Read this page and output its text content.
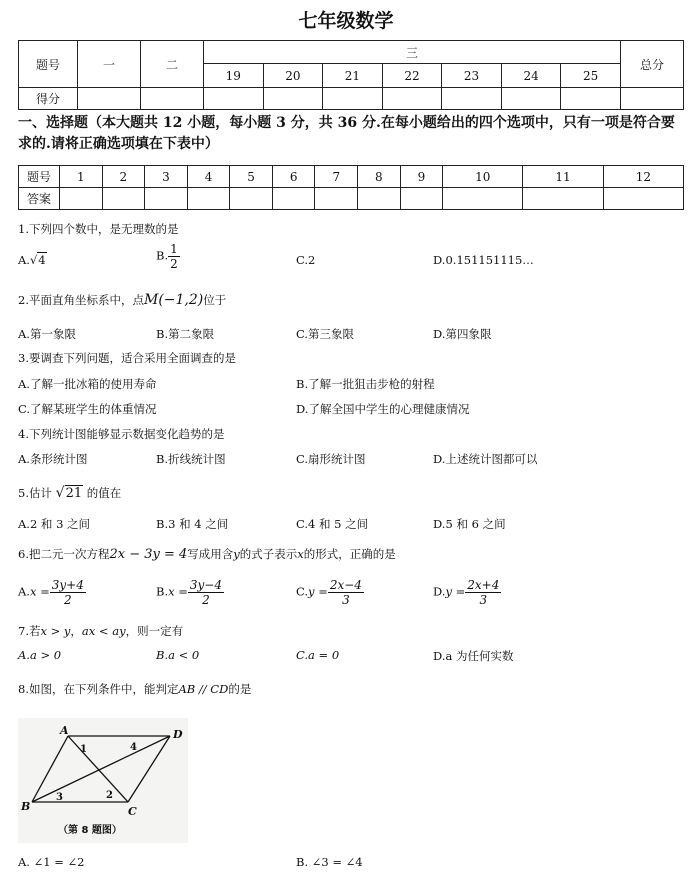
七年级数学
题号	一	二	三							总分
			19	20	21	22	23	24	25	
得分										
一、选择题（本大题共 12 小题，每小题 3 分，共 36 分.在每小题给出的四个选项中，只有一项是符合要求的.请将正确选项填在下表中）
题号	1	2	3	4	5	6	7	8	9	10	11	12
答案												
1.下列四个数中，是无理数的是
A.√4	B. $\frac{1}{2}$	C.2	D.0.151151115…
2.平面直角坐标系中，点M(−1,2)位于
A.第一象限	B.第二象限	C.第三象限	D.第四象限
3.要调查下列问题，适合采用全面调查的是
A.了解一批冰箱的使用寿命	B.了解一批狙击步枪的射程
C.了解某班学生的体重情况	D.了解全国中学生的心理健康情况
4.下列统计图能够显示数据变化趋势的是
A.条形统计图	B.折线统计图	C.扇形统计图	D.上述统计图都可以
5.估计 √21 的值在
A.2 和 3 之间	B.3 和 4 之间	C.4 和 5 之间	D.5 和 6 之间
6.把二元一次方程2x − 3y = 4写成用含y的式子表示x的形式，正确的是
$A.x = \frac{3y+4}{2}$	$B.x = \frac{3y-4}{2}$	$C.y = \frac{2x-4}{3}$	$D.y = \frac{2x+4}{3}$
7.若x > y，ax < ay，则一定有
A.a > 0	B.a < 0	C.a = 0	D.a 为任何实数
8.如图，在下列条件中，能判定AB // CD的是
A	D
B	C
1	4
2
3
（第 8 题图）
A. ∠1 = ∠2	B. ∠3 = ∠4
